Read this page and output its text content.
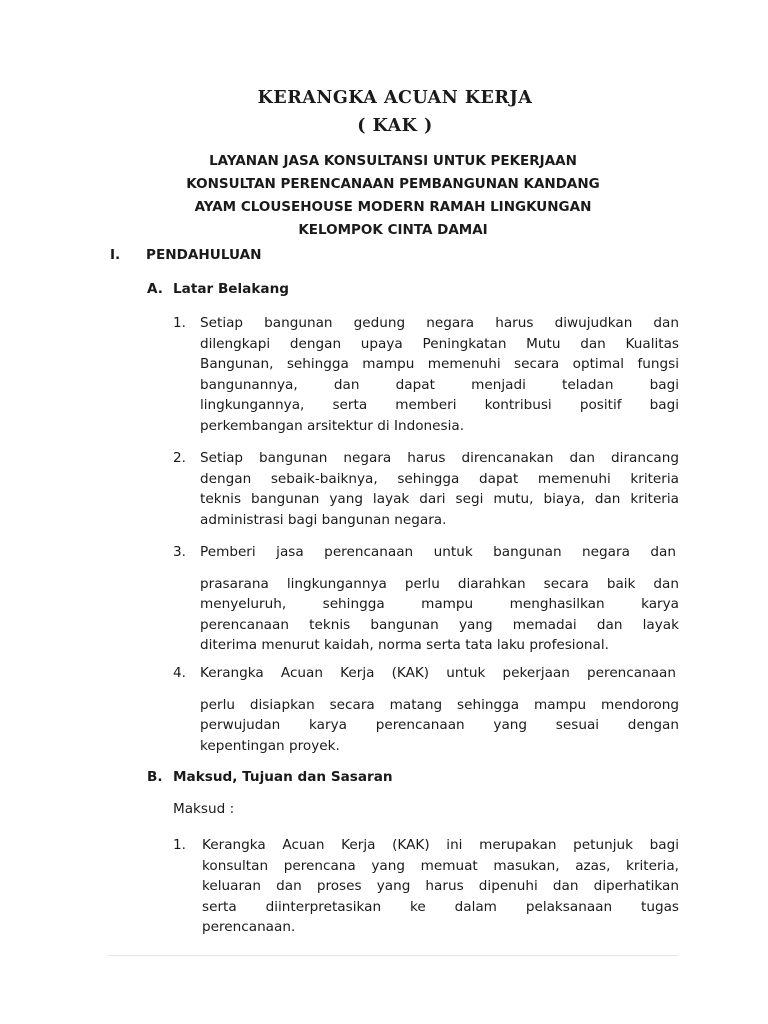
KERANGKA ACUAN KERJA
( KAK )
LAYANAN JASA KONSULTANSI UNTUK PEKERJAAN
KONSULTAN PERENCANAAN PEMBANGUNAN KANDANG
AYAM CLOUSEHOUSE MODERN RAMAH LINGKUNGAN
KELOMPOK CINTA DAMAI
I. PENDAHULUAN
A. Latar Belakang
1. Setiap bangunan gedung negara harus diwujudkan dan
dilengkapi dengan upaya Peningkatan Mutu dan Kualitas
Bangunan, sehingga mampu memenuhi secara optimal fungsi
bangunannya, dan dapat menjadi teladan bagi
lingkungannya, serta memberi kontribusi positif bagi
perkembangan arsitektur di Indonesia.
2. Setiap bangunan negara harus direncanakan dan dirancang
dengan sebaik-baiknya, sehingga dapat memenuhi kriteria
teknis bangunan yang layak dari segi mutu, biaya, dan kriteria
administrasi bagi bangunan negara.
3. Pemberi jasa perencanaan untuk bangunan negara dan
prasarana lingkungannya perlu diarahkan secara baik dan
menyeluruh, sehingga mampu menghasilkan karya
perencanaan teknis bangunan yang memadai dan layak
diterima menurut kaidah, norma serta tata laku profesional.
4. Kerangka Acuan Kerja (KAK) untuk pekerjaan perencanaan
perlu disiapkan secara matang sehingga mampu mendorong
perwujudan karya perencanaan yang sesuai dengan
kepentingan proyek.
B. Maksud, Tujuan dan Sasaran
Maksud :
1. Kerangka Acuan Kerja (KAK) ini merupakan petunjuk bagi
konsultan perencana yang memuat masukan, azas, kriteria,
keluaran dan proses yang harus dipenuhi dan diperhatikan
serta diinterpretasikan ke dalam pelaksanaan tugas
perencanaan.
